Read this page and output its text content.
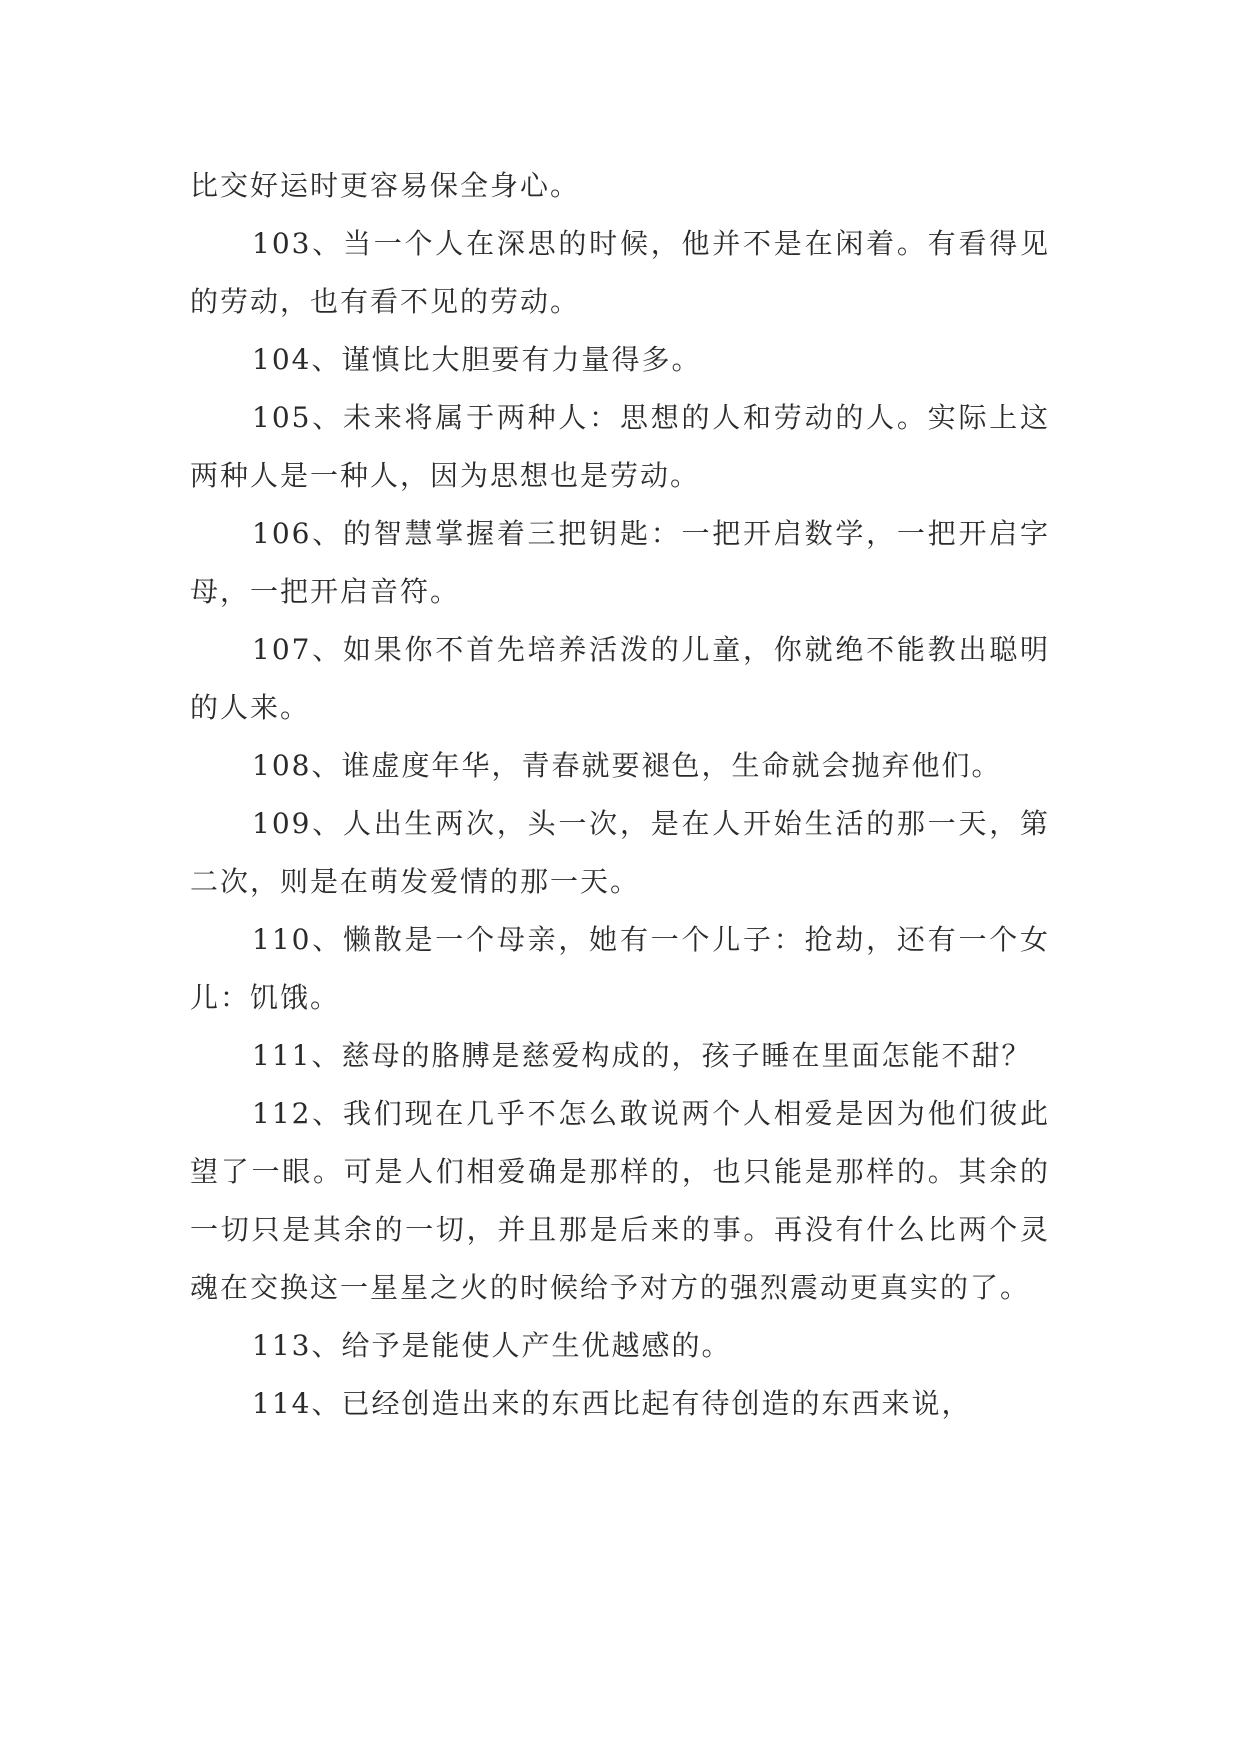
比交好运时更容易保全身心。

103、当一个人在深思的时候，他并不是在闲着。有看得见的劳动，也有看不见的劳动。

104、谨慎比大胆要有力量得多。

105、未来将属于两种人：思想的人和劳动的人。实际上这两种人是一种人，因为思想也是劳动。

106、的智慧掌握着三把钥匙：一把开启数学，一把开启字母，一把开启音符。

107、如果你不首先培养活泼的儿童，你就绝不能教出聪明的人来。

108、谁虚度年华，青春就要褪色，生命就会抛弃他们。

109、人出生两次，头一次，是在人开始生活的那一天，第二次，则是在萌发爱情的那一天。

110、懒散是一个母亲，她有一个儿子：抢劫，还有一个女儿：饥饿。

111、慈母的胳膊是慈爱构成的，孩子睡在里面怎能不甜？

112、我们现在几乎不怎么敢说两个人相爱是因为他们彼此望了一眼。可是人们相爱确是那样的，也只能是那样的。其余的一切只是其余的一切，并且那是后来的事。再没有什么比两个灵魂在交换这一星星之火的时候给予对方的强烈震动更真实的了。

113、给予是能使人产生优越感的。

114、已经创造出来的东西比起有待创造的东西来说，
